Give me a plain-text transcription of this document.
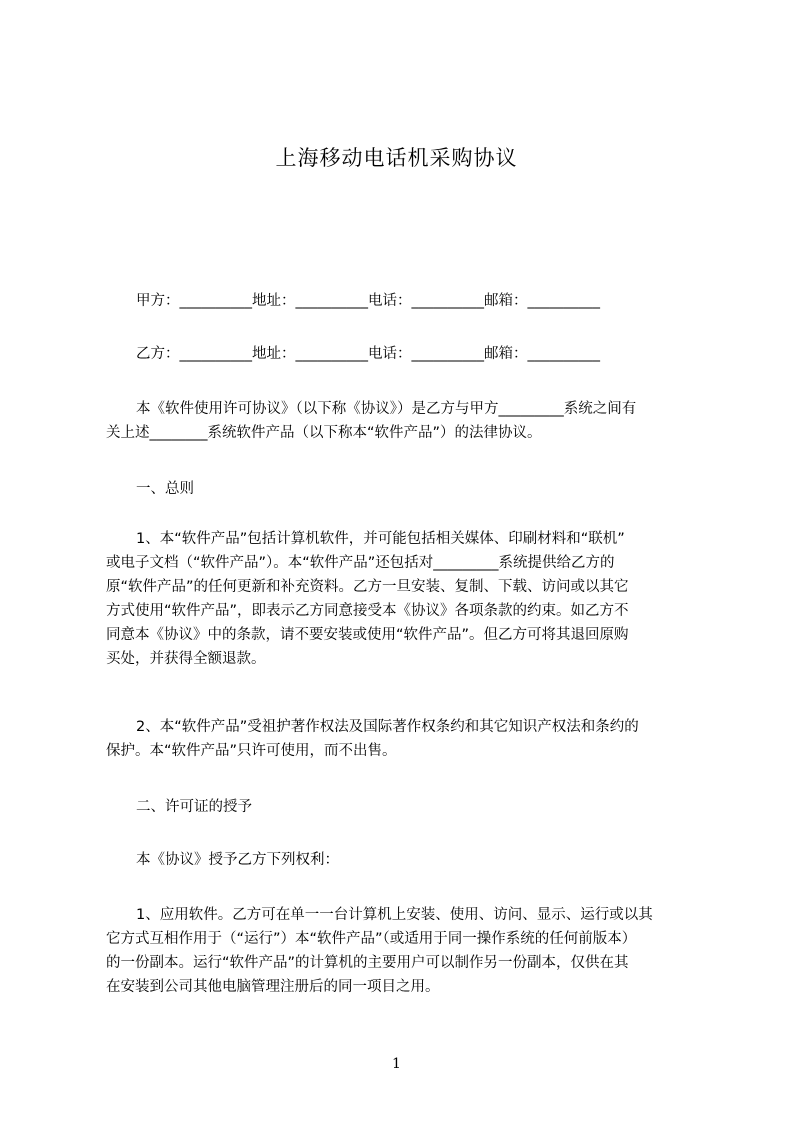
上海移动电话机采购协议
甲方：__________地址：__________电话：__________邮箱：__________
乙方：__________地址：__________电话：__________邮箱：__________
本《软件使用许可协议》（以下称《协议》）是乙方与甲方_________系统之间有
关上述________系统软件产品（以下称本“软件产品”）的法律协议。
一、总则
1、本“软件产品”包括计算机软件，并可能包括相关媒体、印刷材料和“联机”
或电子文档（“软件产品”）。本“软件产品”还包括对_________系统提供给乙方的
原“软件产品”的任何更新和补充资料。乙方一旦安装、复制、下载、访问或以其它
方式使用“软件产品”，即表示乙方同意接受本《协议》各项条款的约束。如乙方不
同意本《协议》中的条款，请不要安装或使用“软件产品”。但乙方可将其退回原购
买处，并获得全额退款。
2、本“软件产品”受祖护著作权法及国际著作权条约和其它知识产权法和条约的
保护。本“软件产品”只许可使用，而不出售。
二、许可证的授予
本《协议》授予乙方下列权利：
1、应用软件。乙方可在单一一台计算机上安装、使用、访问、显示、运行或以其
它方式互相作用于（“运行”）本“软件产品”（或适用于同一操作系统的任何前版本）
的一份副本。运行“软件产品”的计算机的主要用户可以制作另一份副本，仅供在其
在安装到公司其他电脑管理注册后的同一项目之用。
1
